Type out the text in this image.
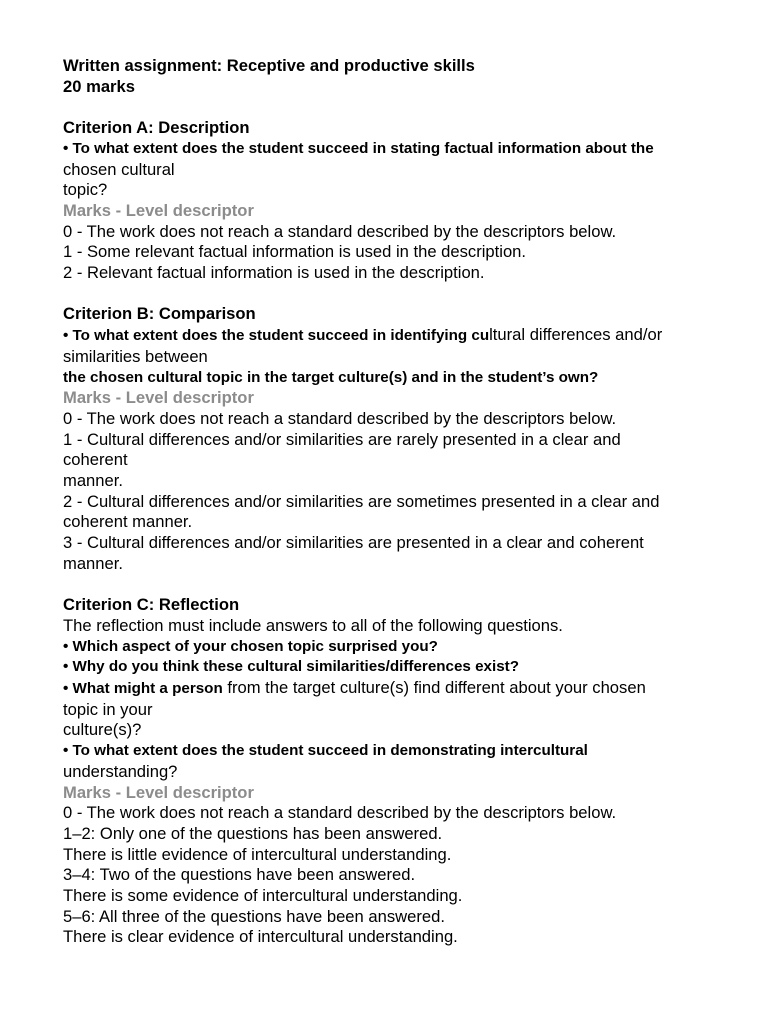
Written assignment: Receptive and productive skills
20 marks
Criterion A: Description
• To what extent does the student succeed in stating factual information about the
chosen cultural
topic?
Marks - Level descriptor
0 - The work does not reach a standard described by the descriptors below.
1 - Some relevant factual information is used in the description.
2 - Relevant factual information is used in the description.
Criterion B: Comparison
• To what extent does the student succeed in identifying cultural differences and/or
similarities between
the chosen cultural topic in the target culture(s) and in the student’s own?
Marks - Level descriptor
0 - The work does not reach a standard described by the descriptors below.
1 - Cultural differences and/or similarities are rarely presented in a clear and
coherent
manner.
2 - Cultural differences and/or similarities are sometimes presented in a clear and
coherent manner.
3 - Cultural differences and/or similarities are presented in a clear and coherent
manner.
Criterion C: Reflection
The reflection must include answers to all of the following questions.
• Which aspect of your chosen topic surprised you?
• Why do you think these cultural similarities/differences exist?
• What might a person from the target culture(s) find different about your chosen
topic in your
culture(s)?
• To what extent does the student succeed in demonstrating intercultural
understanding?
Marks - Level descriptor
0 - The work does not reach a standard described by the descriptors below.
1–2: Only one of the questions has been answered.
There is little evidence of intercultural understanding.
3–4: Two of the questions have been answered.
There is some evidence of intercultural understanding.
5–6: All three of the questions have been answered.
There is clear evidence of intercultural understanding.
